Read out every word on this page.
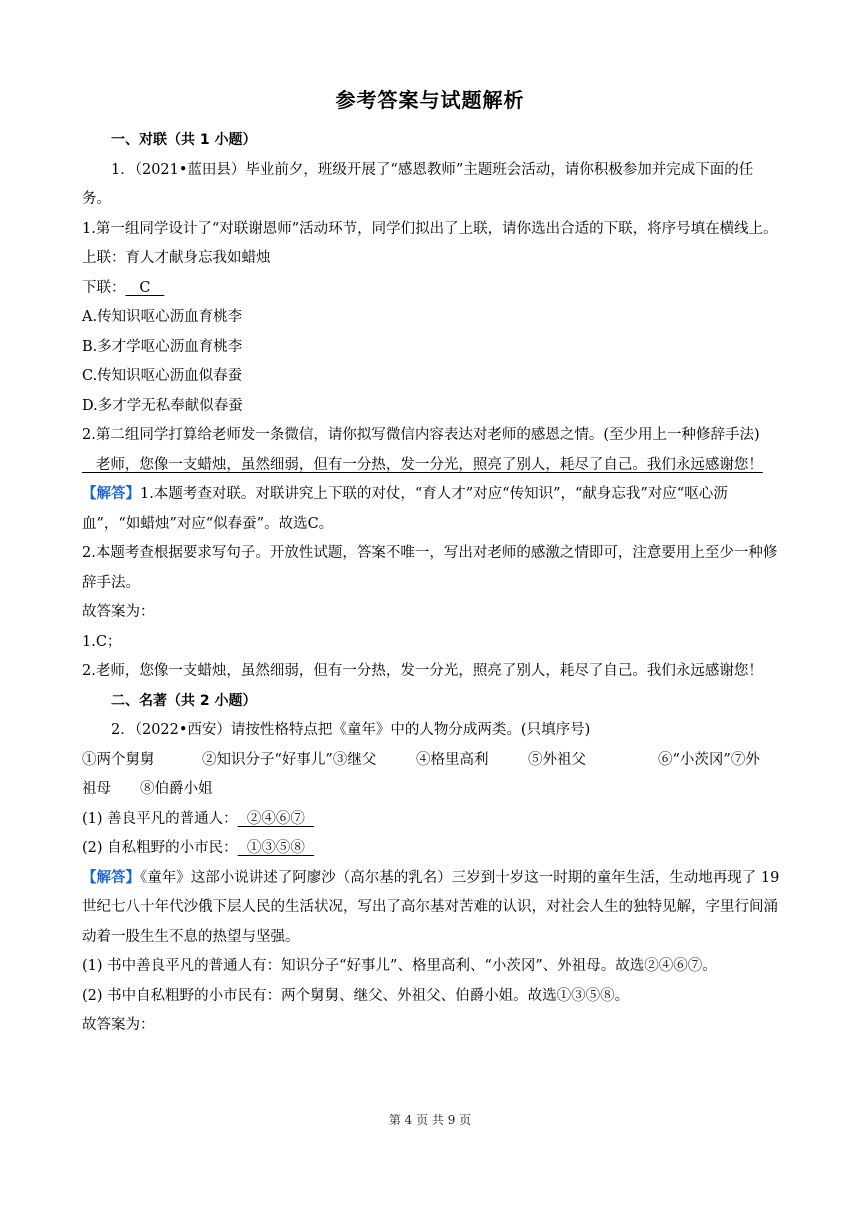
参考答案与试题解析
一、对联（共 1 小题）
1．（2021•蓝田县）毕业前夕，班级开展了“感恩教师”主题班会活动，请你积极参加并完成下面的任务。
1.第一组同学设计了“对联谢恩师”活动环节，同学们拟出了上联，请你选出合适的下联，将序号填在横线上。
上联：育人才献身忘我如蜡烛
下联：   C
A.传知识呕心沥血育桃李
B.多才学呕心沥血育桃李
C.传知识呕心沥血似春蚕
D.多才学无私奉献似春蚕
2.第二组同学打算给老师发一条微信，请你拟写微信内容表达对老师的感恩之情。(至少用上一种修辞手法)
老师，您像一支蜡烛，虽然细弱，但有一分热，发一分光，照亮了别人，耗尽了自己。我们永远感谢您！
【解答】1.本题考查对联。对联讲究上下联的对仗，“育人才”对应“传知识”，“献身忘我”对应“呕心沥血”，“如蜡烛”对应“似春蚕”。故选C。
2.本题考查根据要求写句子。开放性试题，答案不唯一，写出对老师的感激之情即可，注意要用上至少一种修辞手法。
故答案为：
1.C；
2.老师，您像一支蜡烛，虽然细弱，但有一分热，发一分光，照亮了别人，耗尽了自己。我们永远感谢您！
二、名著（共 2 小题）
2．（2022•西安）请按性格特点把《童年》中的人物分成两类。(只填序号)
①两个舅舅	②知识分子“好事儿”③继父	④格里高利	⑤外祖父	⑥“小茨冈”⑦外
祖母　　⑧伯爵小姐
(1) 善良平凡的普通人：  ②④⑥⑦
(2) 自私粗野的小市民：  ①③⑤⑧
【解答】《童年》这部小说讲述了阿廖沙（高尔基的乳名）三岁到十岁这一时期的童年生活，生动地再现了 19 世纪七八十年代沙俄下层人民的生活状况，写出了高尔基对苦难的认识，对社会人生的独特见解，字里行间涌动着一股生生不息的热望与坚强。
(1) 书中善良平凡的普通人有：知识分子“好事儿”、格里高利、“小茨冈”、外祖母。故选②④⑥⑦。
(2) 书中自私粗野的小市民有：两个舅舅、继父、外祖父、伯爵小姐。故选①③⑤⑧。
故答案为：
第 4 页 共 9 页
